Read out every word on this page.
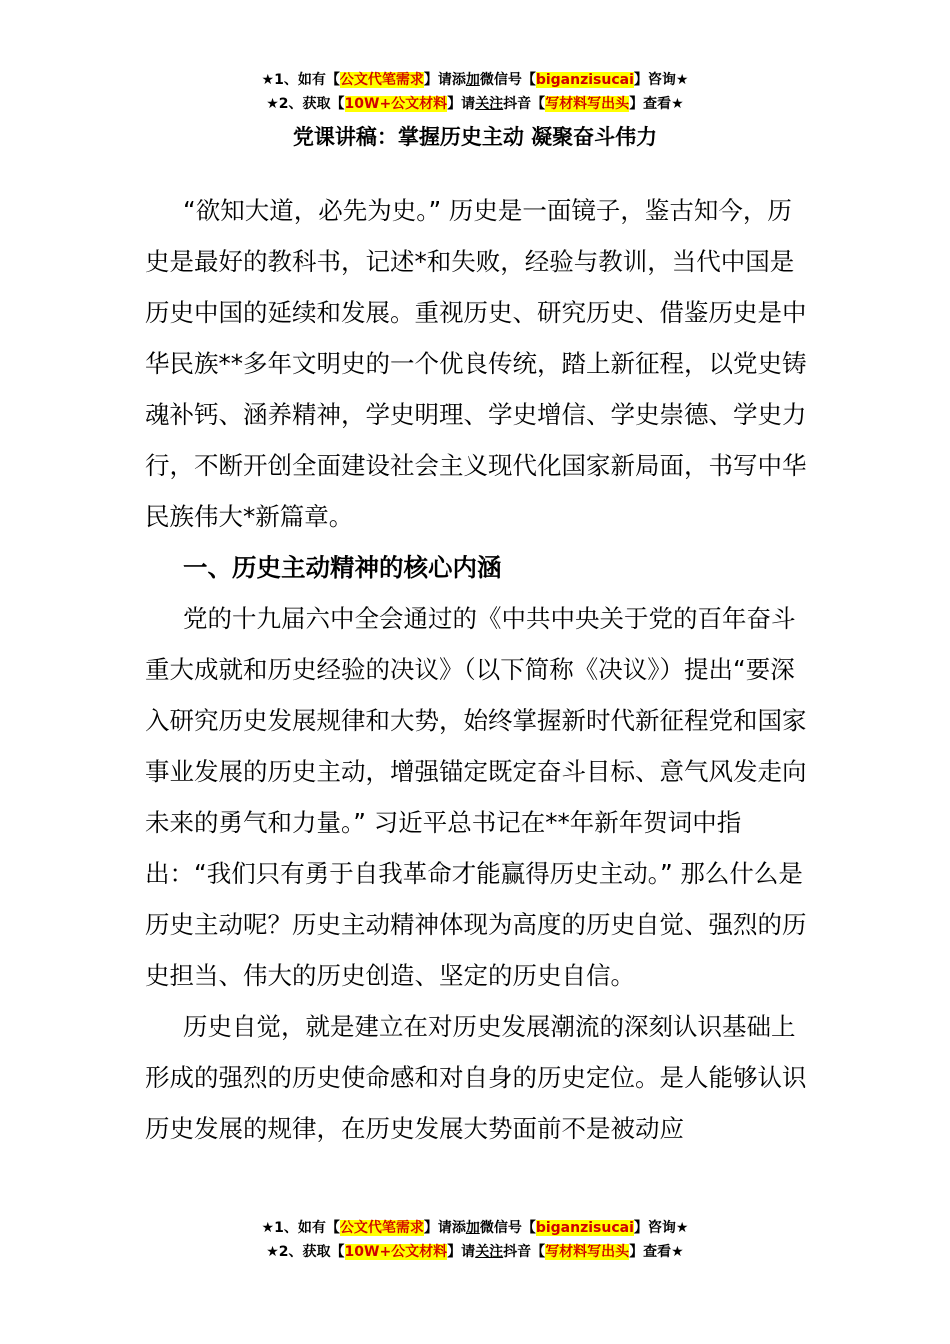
★1、如有【公文代笔需求】请添加微信号【biganzisucai】咨询★
★2、获取【10W+公文材料】请关注抖音【写材料写出头】查看★
党课讲稿：掌握历史主动 凝聚奋斗伟力

“欲知大道，必先为史。” 历史是一面镜子，鉴古知今，历史是最好的教科书，记述*和失败，经验与教训，当代中国是历史中国的延续和发展。重视历史、研究历史、借鉴历史是中华民族**多年文明史的一个优良传统，踏上新征程，以党史铸魂补钙、涵养精神，学史明理、学史增信、学史崇德、学史力行，不断开创全面建设社会主义现代化国家新局面，书写中华民族伟大*新篇章。

一、历史主动精神的核心内涵

党的十九届六中全会通过的《中共中央关于党的百年奋斗重大成就和历史经验的决议》（以下简称《决议》）提出“要深入研究历史发展规律和大势，始终掌握新时代新征程党和国家事业发展的历史主动，增强锚定既定奋斗目标、意气风发走向未来的勇气和力量。” 习近平总书记在**年新年贺词中指出：“我们只有勇于自我革命才能赢得历史主动。” 那么什么是历史主动呢？历史主动精神体现为高度的历史自觉、强烈的历史担当、伟大的历史创造、坚定的历史自信。

历史自觉，就是建立在对历史发展潮流的深刻认识基础上形成的强烈的历史使命感和对自身的历史定位。是人能够认识历史发展的规律，在历史发展大势面前不是被动应

★1、如有【公文代笔需求】请添加微信号【biganzisucai】咨询★
★2、获取【10W+公文材料】请关注抖音【写材料写出头】查看★
